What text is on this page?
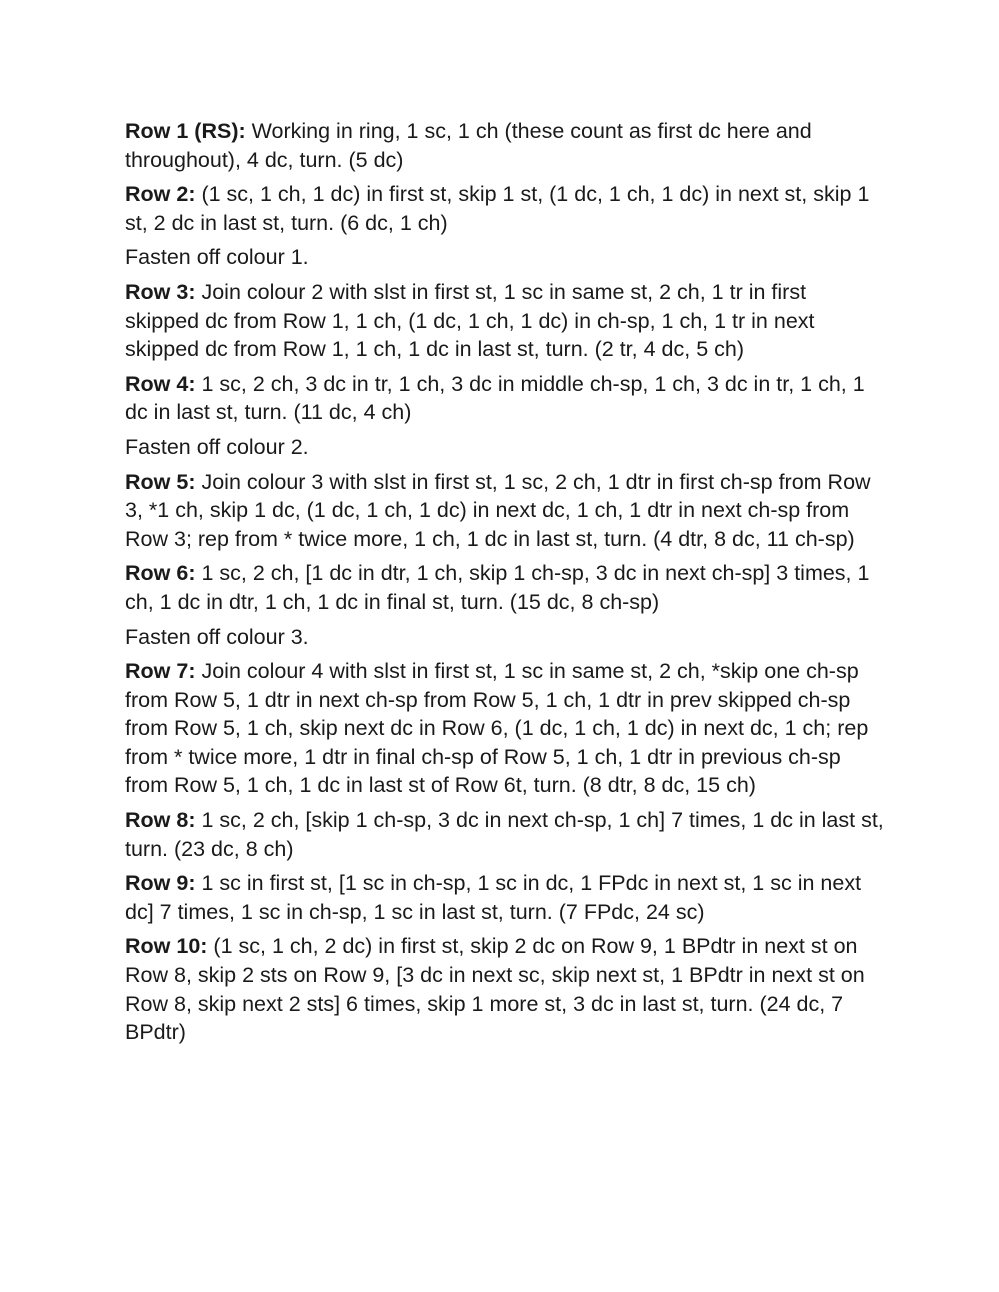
Row 1 (RS): Working in ring, 1 sc, 1 ch (these count as first dc here and throughout), 4 dc, turn. (5 dc)

Row 2: (1 sc, 1 ch, 1 dc) in first st, skip 1 st, (1 dc, 1 ch, 1 dc) in next st, skip 1 st, 2 dc in last st, turn. (6 dc, 1 ch)

Fasten off colour 1.

Row 3: Join colour 2 with slst in first st, 1 sc in same st, 2 ch, 1 tr in first skipped dc from Row 1, 1 ch, (1 dc, 1 ch, 1 dc) in ch-sp, 1 ch, 1 tr in next skipped dc from Row 1, 1 ch, 1 dc in last st, turn. (2 tr, 4 dc, 5 ch)

Row 4: 1 sc, 2 ch, 3 dc in tr, 1 ch, 3 dc in middle ch-sp, 1 ch, 3 dc in tr, 1 ch, 1 dc in last st, turn. (11 dc, 4 ch)

Fasten off colour 2.

Row 5: Join colour 3 with slst in first st, 1 sc, 2 ch, 1 dtr in first ch-sp from Row 3, *1 ch, skip 1 dc, (1 dc, 1 ch, 1 dc) in next dc, 1 ch, 1 dtr in next ch-sp from Row 3; rep from * twice more, 1 ch, 1 dc in last st, turn. (4 dtr, 8 dc, 11 ch-sp)

Row 6: 1 sc, 2 ch, [1 dc in dtr, 1 ch, skip 1 ch-sp, 3 dc in next ch-sp] 3 times, 1 ch, 1 dc in dtr, 1 ch, 1 dc in final st, turn. (15 dc, 8 ch-sp)

Fasten off colour 3.

Row 7: Join colour 4 with slst in first st, 1 sc in same st, 2 ch, *skip one ch-sp from Row 5, 1 dtr in next ch-sp from Row 5, 1 ch, 1 dtr in prev skipped ch-sp from Row 5, 1 ch, skip next dc in Row 6, (1 dc, 1 ch, 1 dc) in next dc, 1 ch; rep from * twice more, 1 dtr in final ch-sp of Row 5, 1 ch, 1 dtr in previous ch-sp from Row 5, 1 ch, 1 dc in last st of Row 6t, turn. (8 dtr, 8 dc, 15 ch)

Row 8: 1 sc, 2 ch, [skip 1 ch-sp, 3 dc in next ch-sp, 1 ch] 7 times, 1 dc in last st, turn. (23 dc, 8 ch)

Row 9: 1 sc in first st, [1 sc in ch-sp, 1 sc in dc, 1 FPdc in next st, 1 sc in next dc] 7 times, 1 sc in ch-sp, 1 sc in last st, turn. (7 FPdc, 24 sc)

Row 10: (1 sc, 1 ch, 2 dc) in first st, skip 2 dc on Row 9, 1 BPdtr in next st on Row 8, skip 2 sts on Row 9, [3 dc in next sc, skip next st, 1 BPdtr in next st on Row 8, skip next 2 sts] 6 times, skip 1 more st, 3 dc in last st, turn. (24 dc, 7 BPdtr)
